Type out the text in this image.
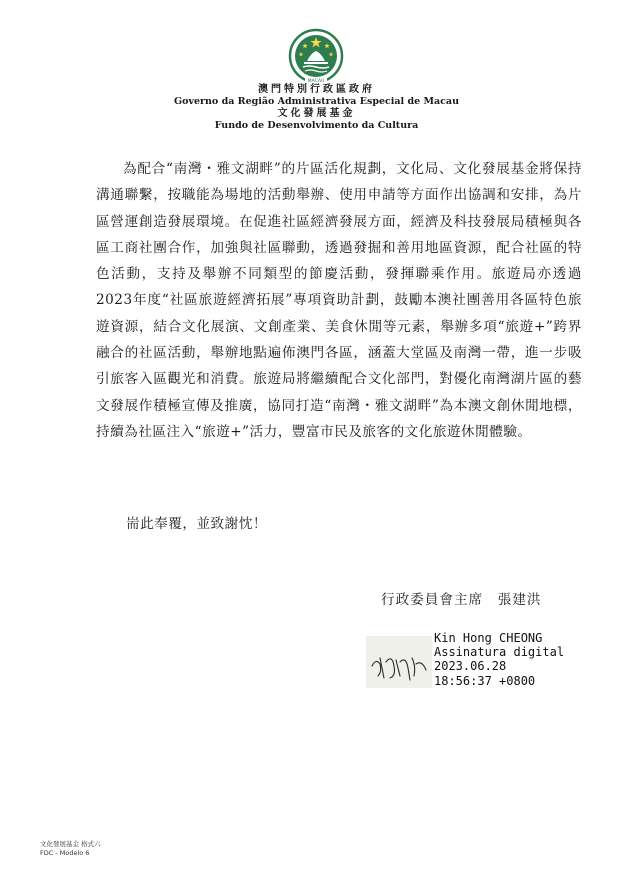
MACAU
澳門特別行政區政府
Governo da Região Administrativa Especial de Macau
文化發展基金
Fundo de Desenvolvimento da Cultura

為配合“南灣・雅文湖畔”的片區活化規劃，文化局、文化發展基金將保持溝通聯繫，按職能為場地的活動舉辦、使用申請等方面作出協調和安排，為片區營運創造發展環境。在促進社區經濟發展方面，經濟及科技發展局積極與各區工商社團合作，加強與社區聯動，透過發掘和善用地區資源，配合社區的特色活動，支持及舉辦不同類型的節慶活動，發揮聯乘作用。旅遊局亦透過2023年度“社區旅遊經濟拓展”專項資助計劃，鼓勵本澳社團善用各區特色旅遊資源，結合文化展演、文創產業、美食休閒等元素，舉辦多項“旅遊+”跨界融合的社區活動，舉辦地點遍佈澳門各區，涵蓋大堂區及南灣一帶，進一步吸引旅客入區觀光和消費。旅遊局將繼續配合文化部門，對優化南灣湖片區的藝文發展作積極宣傳及推廣，協同打造“南灣・雅文湖畔”為本澳文創休閒地標，持續為社區注入“旅遊+”活力，豐富市民及旅客的文化旅遊休閒體驗。

耑此奉覆，並致謝忱！

行政委員會主席　張建洪

Kin Hong CHEONG
Assinatura digital
2023.06.28
18:56:37 +0800
文化發展基金 格式六
FDC - Modelo 6
